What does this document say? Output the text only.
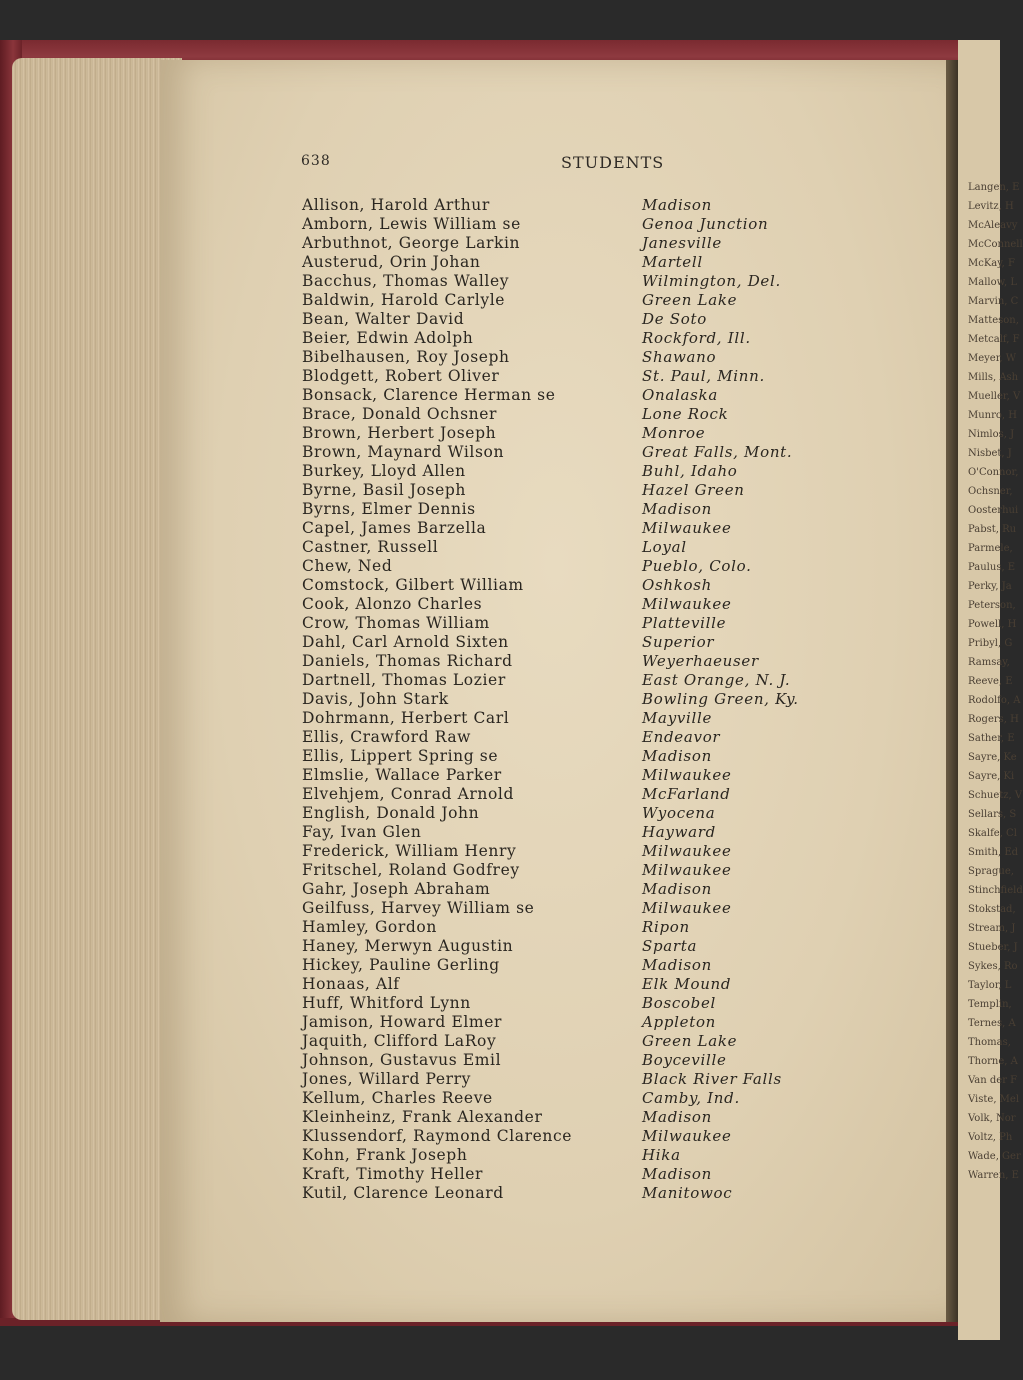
Langen, E
Levitz, H
McAleavy
McConnell
McKay, F
Mallow, L
Marvin, C
Matteson,
Metcalf, F
Meyer, W
Mills, Ash
Mueller, V
Munro, H
Nimlos, J
Nisbet, J
O'Connor,
Ochsner,
Oosterhui
Pabst, Ru
Parmele,
Paulus, E
Perky, Ja
Peterson,
Powell, H
Pribyl, G
Ramsay,
Reeve, E
Rodolfo, A
Rogers, H
Sather, E
Sayre, Ke
Sayre, Ki
Schuetz, V
Sellars, S
Skalfe, Cl
Smith, Ed
Sprague,
Stinchfield
Stokstad,
Stream, J
Stueber, J
Sykes, Ro
Taylor, L
Templin,
Ternes, A
Thomas,
Thorne, A
Van der F
Viste, Mel
Volk, Nor
Voltz, Ph
Wade, Ger
Warren, E
638	STUDENTS
Allison, Harold Arthur	Madison
Amborn, Lewis William se	Genoa Junction
Arbuthnot, George Larkin	Janesville
Austerud, Orin Johan	Martell
Bacchus, Thomas Walley	Wilmington, Del.
Baldwin, Harold Carlyle	Green Lake
Bean, Walter David	De Soto
Beier, Edwin Adolph	Rockford, Ill.
Bibelhausen, Roy Joseph	Shawano
Blodgett, Robert Oliver	St. Paul, Minn.
Bonsack, Clarence Herman se	Onalaska
Brace, Donald Ochsner	Lone Rock
Brown, Herbert Joseph	Monroe
Brown, Maynard Wilson	Great Falls, Mont.
Burkey, Lloyd Allen	Buhl, Idaho
Byrne, Basil Joseph	Hazel Green
Byrns, Elmer Dennis	Madison
Capel, James Barzella	Milwaukee
Castner, Russell	Loyal
Chew, Ned	Pueblo, Colo.
Comstock, Gilbert William	Oshkosh
Cook, Alonzo Charles	Milwaukee
Crow, Thomas William	Platteville
Dahl, Carl Arnold Sixten	Superior
Daniels, Thomas Richard	Weyerhaeuser
Dartnell, Thomas Lozier	East Orange, N. J.
Davis, John Stark	Bowling Green, Ky.
Dohrmann, Herbert Carl	Mayville
Ellis, Crawford Raw	Endeavor
Ellis, Lippert Spring se	Madison
Elmslie, Wallace Parker	Milwaukee
Elvehjem, Conrad Arnold	McFarland
English, Donald John	Wyocena
Fay, Ivan Glen	Hayward
Frederick, William Henry	Milwaukee
Fritschel, Roland Godfrey	Milwaukee
Gahr, Joseph Abraham	Madison
Geilfuss, Harvey William se	Milwaukee
Hamley, Gordon	Ripon
Haney, Merwyn Augustin	Sparta
Hickey, Pauline Gerling	Madison
Honaas, Alf	Elk Mound
Huff, Whitford Lynn	Boscobel
Jamison, Howard Elmer	Appleton
Jaquith, Clifford LaRoy	Green Lake
Johnson, Gustavus Emil	Boyceville
Jones, Willard Perry	Black River Falls
Kellum, Charles Reeve	Camby, Ind.
Kleinheinz, Frank Alexander	Madison
Klussendorf, Raymond Clarence	Milwaukee
Kohn, Frank Joseph	Hika
Kraft, Timothy Heller	Madison
Kutil, Clarence Leonard	Manitowoc
